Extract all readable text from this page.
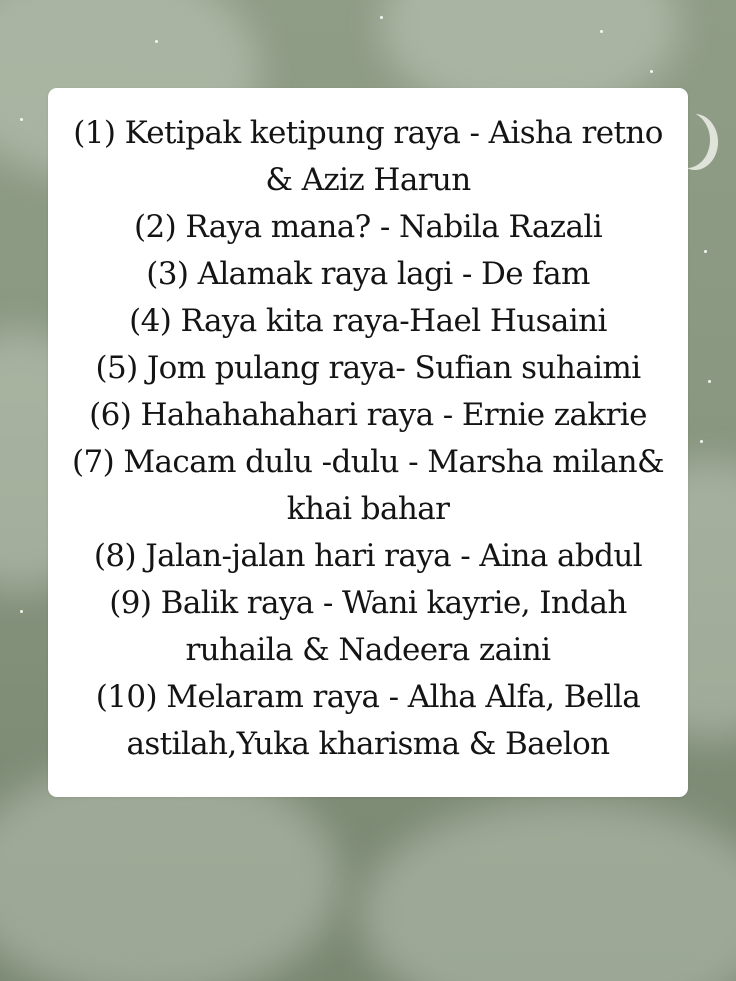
(1) Ketipak ketipung raya - Aisha retno & Aziz Harun
(2) Raya mana? - Nabila Razali
(3) Alamak raya lagi - De fam
(4) Raya kita raya-Hael Husaini
(5) Jom pulang raya- Sufian suhaimi
(6) Hahahahahari raya - Ernie zakrie
(7) Macam dulu -dulu - Marsha milan& khai bahar
(8) Jalan-jalan hari raya - Aina abdul
(9) Balik raya - Wani kayrie, Indah ruhaila & Nadeera zaini
(10) Melaram raya - Alha Alfa, Bella astilah,Yuka kharisma & Baelon
